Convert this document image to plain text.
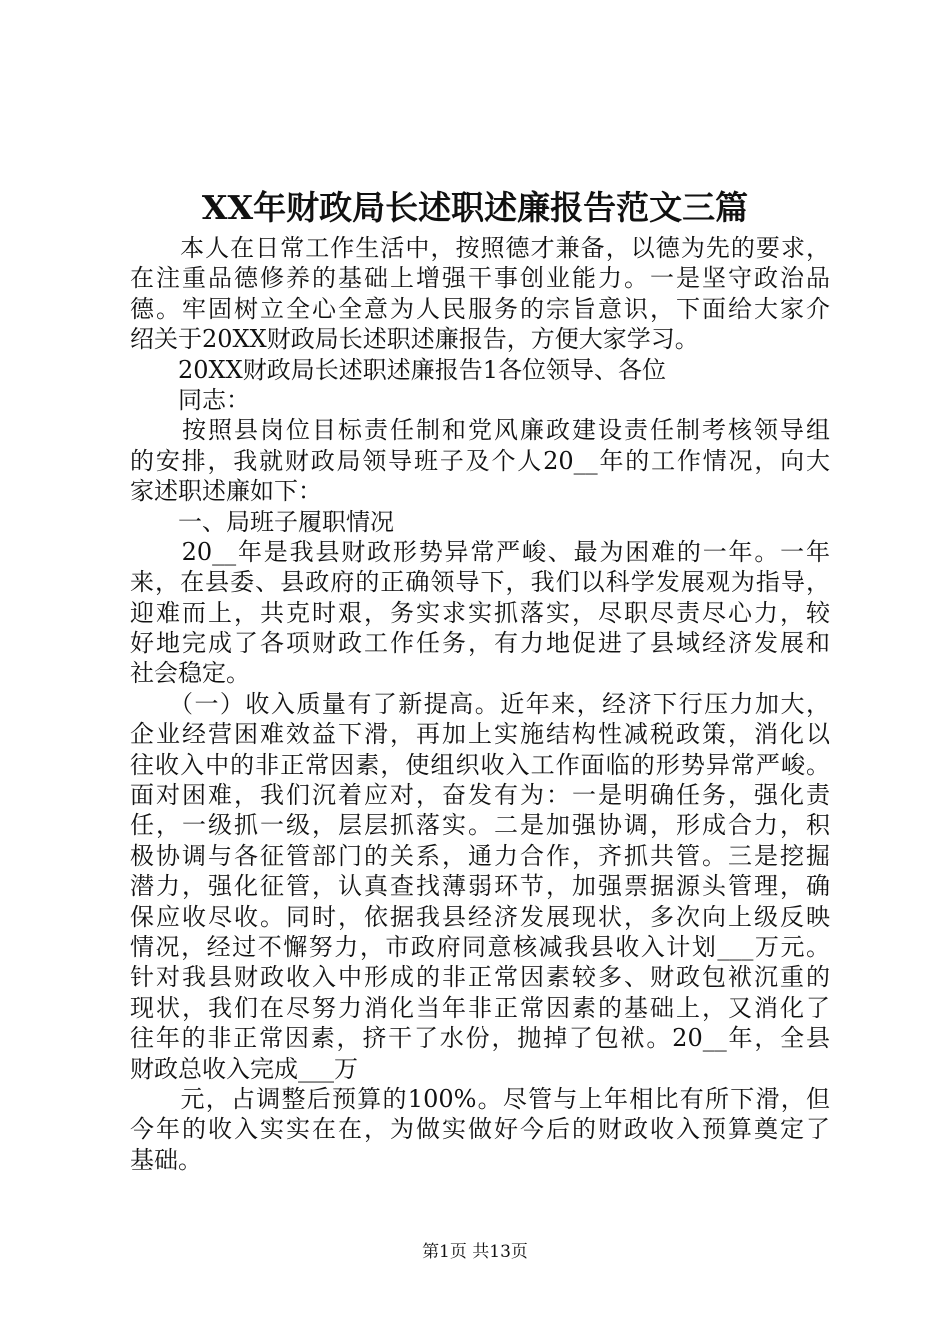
XX年财政局长述职述廉报告范文三篇
　　本人在日常工作生活中，按照德才兼备，以德为先的要求，
在注重品德修养的基础上增强干事创业能力。一是坚守政治品
德。牢固树立全心全意为人民服务的宗旨意识，下面给大家介
绍关于20XX财政局长述职述廉报告，方便大家学习。
　　20XX财政局长述职述廉报告1各位领导、各位
　　同志：
　　按照县岗位目标责任制和党风廉政建设责任制考核领导组
的安排，我就财政局领导班子及个人20__年的工作情况，向大
家述职述廉如下：
　　一、局班子履职情况
　　20__年是我县财政形势异常严峻、最为困难的一年。一年
来，在县委、县政府的正确领导下，我们以科学发展观为指导，
迎难而上，共克时艰，务实求实抓落实，尽职尽责尽心力，较
好地完成了各项财政工作任务，有力地促进了县域经济发展和
社会稳定。
　　（一）收入质量有了新提高。近年来，经济下行压力加大，
企业经营困难效益下滑，再加上实施结构性减税政策，消化以
往收入中的非正常因素，使组织收入工作面临的形势异常严峻。
面对困难，我们沉着应对，奋发有为：一是明确任务，强化责
任，一级抓一级，层层抓落实。二是加强协调，形成合力，积
极协调与各征管部门的关系，通力合作，齐抓共管。三是挖掘
潜力，强化征管，认真查找薄弱环节，加强票据源头管理，确
保应收尽收。同时，依据我县经济发展现状，多次向上级反映
情况，经过不懈努力，市政府同意核减我县收入计划___万元。
针对我县财政收入中形成的非正常因素较多、财政包袱沉重的
现状，我们在尽努力消化当年非正常因素的基础上，又消化了
往年的非正常因素，挤干了水份，抛掉了包袱。20__年，全县
财政总收入完成___万
　　元，占调整后预算的100%。尽管与上年相比有所下滑，但
今年的收入实实在在，为做实做好今后的财政收入预算奠定了
基础。
第1页 共13页
